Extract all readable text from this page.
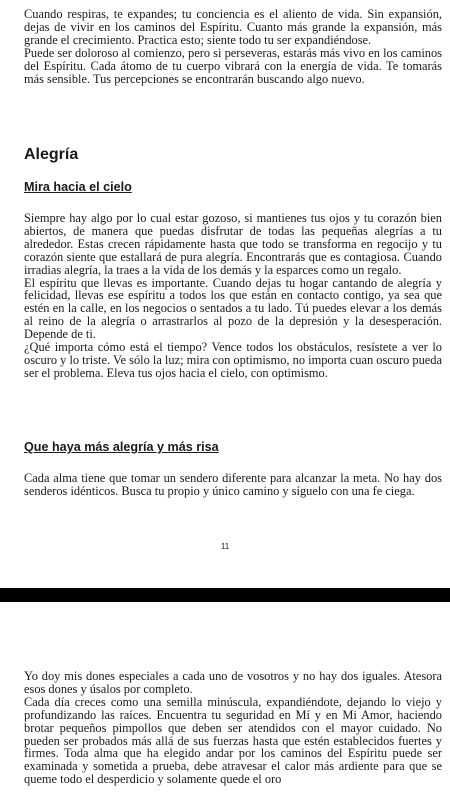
Cuando respiras, te expandes; tu conciencia es el aliento de vida. Sin expansión, dejas de vivir en los caminos del Espíritu. Cuanto más grande la expansión, más grande el crecimiento. Practica esto; siente todo tu ser expandiéndose.

Puede ser doloroso al comienzo, pero si perseveras, estarás más vivo en los caminos del Espíritu. Cada átomo de tu cuerpo vibrará con la energía de vida. Te tomarás más sensible. Tus percepciones se encontrarán buscando algo nuevo.

Alegría
Mira hacia el cielo

Siempre hay algo por lo cual estar gozoso, si mantienes tus ojos y tu corazón bien abiertos, de manera que puedas disfrutar de todas las pequeñas alegrías a tu alrededor. Estas crecen rápidamente hasta que todo se transforma en regocijo y tu corazón siente que estallará de pura alegría. Encontrarás que es contagiosa. Cuando irradias alegría, la traes a la vida de los demás y la esparces como un regalo.

El espíritu que llevas es importante. Cuando dejas tu hogar cantando de alegría y felicidad, llevas ese espíritu a todos los que están en contacto contigo, ya sea que estén en la calle, en los negocios o sentados a tu lado. Tú puedes elevar a los demás al reino de la alegría o arrastrarlos al pozo de la depresión y la desesperación. Depende de ti.

¿Qué importa cómo está el tiempo? Vence todos los obstáculos, resístete a ver lo oscuro y lo triste. Ve sólo la luz; mira con optimismo, no importa cuan oscuro pueda ser el problema. Eleva tus ojos hacia el cielo, con optimismo.

Que haya más alegría y más risa

Cada alma tiene que tomar un sendero diferente para alcanzar la meta. No hay dos senderos idénticos. Busca tu propio y único camino y síguelo con una fe ciega.

11

Yo doy mis dones especiales a cada uno de vosotros y no hay dos iguales. Atesora esos dones y úsalos por completo.

Cada día creces como una semilla minúscula, expandiéndote, dejando lo viejo y profundizando las raíces. Encuentra tu seguridad en Mí y en Mi Amor, haciendo brotar pequeños pimpollos que deben ser atendidos con el mayor cuidado. No pueden ser probados más allá de sus fuerzas hasta que estén establecidos fuertes y firmes. Toda alma que ha elegido andar por los caminos del Espíritu puede ser examinada y sometida a prueba, debe atravesar el calor más ardiente para que se queme todo el desperdicio y solamente quede el oro
